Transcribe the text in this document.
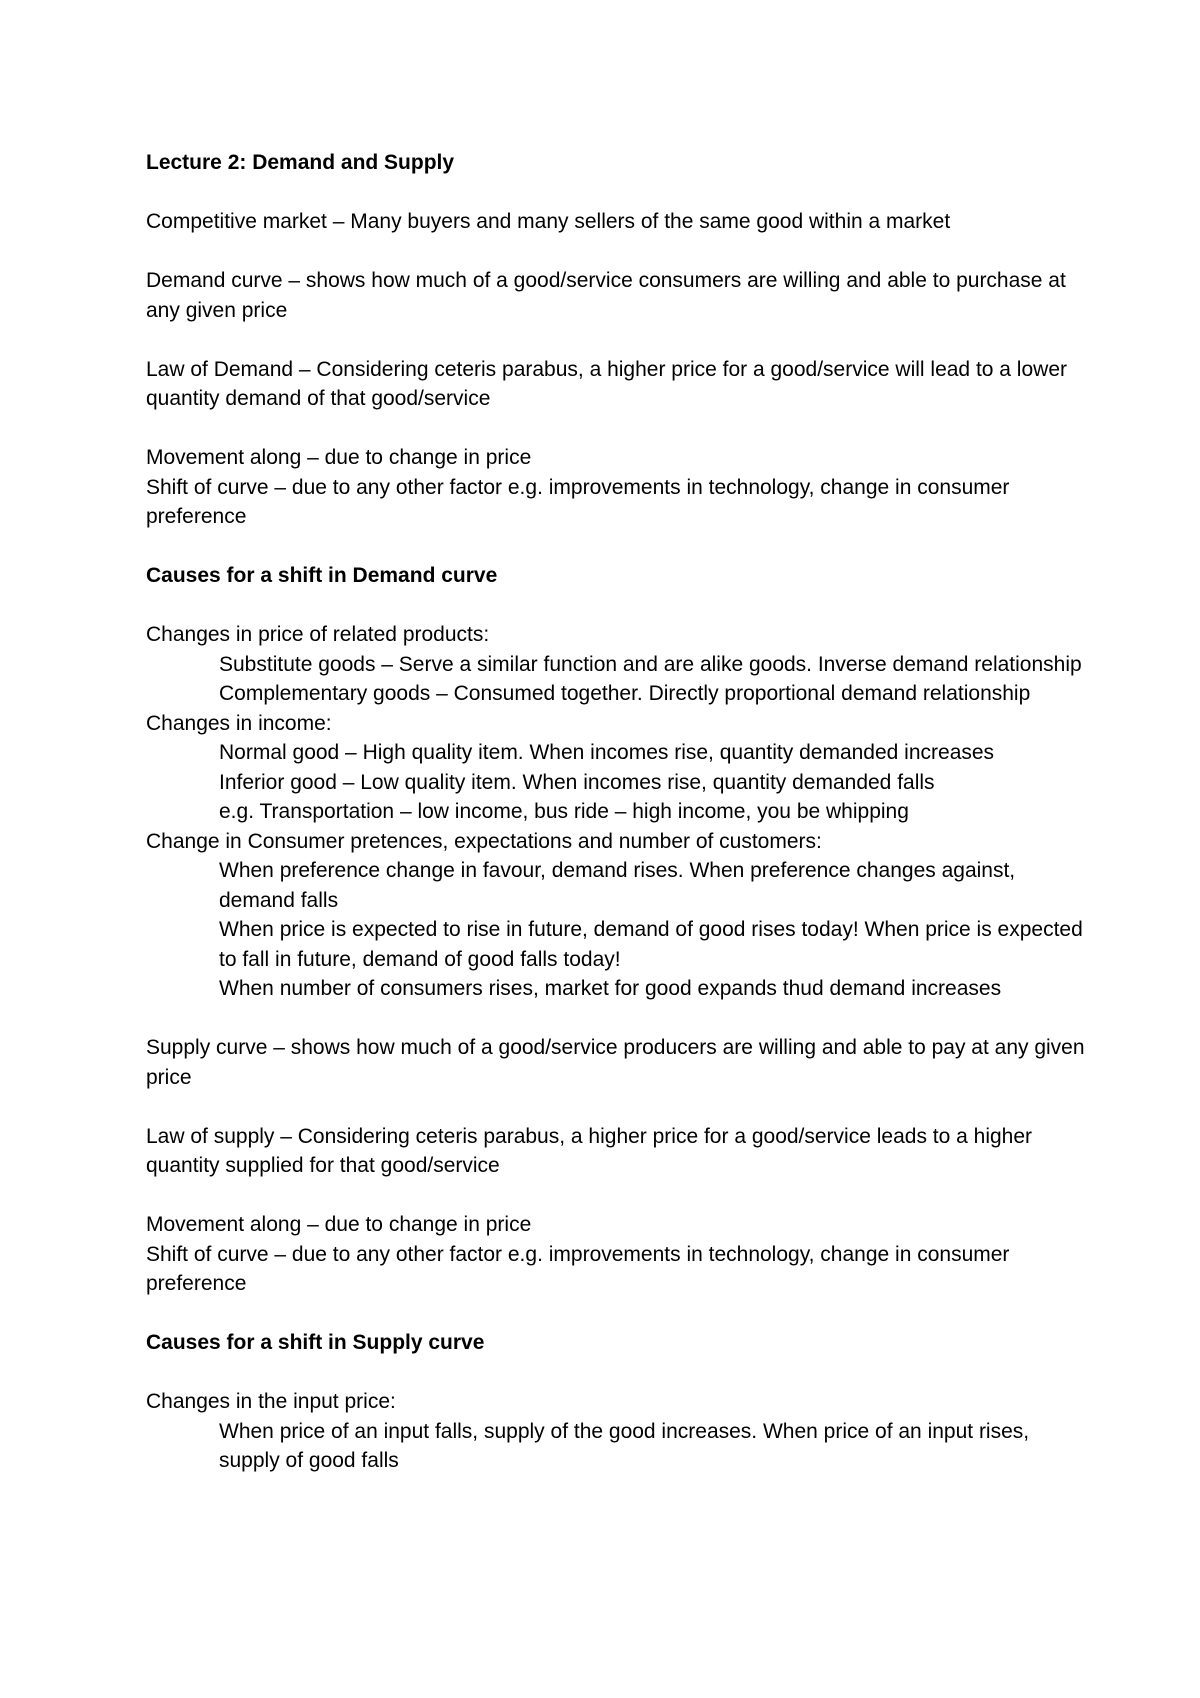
Lecture 2: Demand and Supply

Competitive market – Many buyers and many sellers of the same good within a market

Demand curve – shows how much of a good/service consumers are willing and able to purchase at any given price

Law of Demand – Considering ceteris parabus, a higher price for a good/service will lead to a lower quantity demand of that good/service

Movement along – due to change in price

Shift of curve – due to any other factor e.g. improvements in technology, change in consumer preference

Causes for a shift in Demand curve

Changes in price of related products:

Substitute goods – Serve a similar function and are alike goods. Inverse demand relationship

Complementary goods – Consumed together. Directly proportional demand relationship

Changes in income:

Normal good – High quality item. When incomes rise, quantity demanded increases

Inferior good – Low quality item. When incomes rise, quantity demanded falls

e.g. Transportation – low income, bus ride – high income, you be whipping

Change in Consumer pretences, expectations and number of customers:

When preference change in favour, demand rises. When preference changes against, demand falls

When price is expected to rise in future, demand of good rises today! When price is expected to fall in future, demand of good falls today!

When number of consumers rises, market for good expands thud demand increases

Supply curve – shows how much of a good/service producers are willing and able to pay at any given price

Law of supply – Considering ceteris parabus, a higher price for a good/service leads to a higher quantity supplied for that good/service

Movement along – due to change in price

Shift of curve – due to any other factor e.g. improvements in technology, change in consumer preference

Causes for a shift in Supply curve

Changes in the input price:

When price of an input falls, supply of the good increases. When price of an input rises, supply of good falls
